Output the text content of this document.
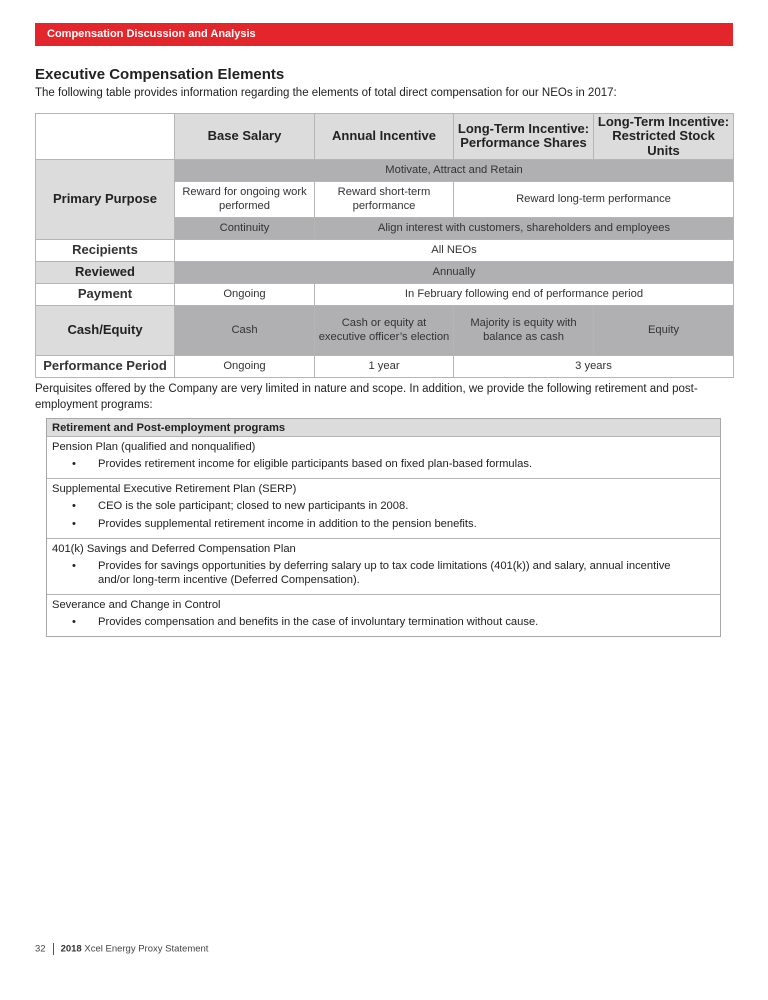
Compensation Discussion and Analysis
Executive Compensation Elements
The following table provides information regarding the elements of total direct compensation for our NEOs in 2017:
	Base Salary	Annual Incentive	Long-Term Incentive: Performance Shares	Long-Term Incentive: Restricted Stock Units
Primary Purpose	Motivate, Attract and Retain			
	Reward for ongoing work performed	Reward short-term performance	Reward long-term performance	
	Continuity	Align interest with customers, shareholders and employees		
Recipients	All NEOs			
Reviewed	Annually			
Payment	Ongoing	In February following end of performance period		
Cash/Equity	Cash	Cash or equity at executive officer’s election	Majority is equity with balance as cash	Equity
Performance Period	Ongoing	1 year	3 years	
Perquisites offered by the Company are very limited in nature and scope. In addition, we provide the following retirement and post-employment programs:
Retirement and Post-employment programs
Pension Plan (qualified and nonqualified)
•	Provides retirement income for eligible participants based on fixed plan-based formulas.
Supplemental Executive Retirement Plan (SERP)
•	CEO is the sole participant; closed to new participants in 2008.
•	Provides supplemental retirement income in addition to the pension benefits.
401(k) Savings and Deferred Compensation Plan
•	Provides for savings opportunities by deferring salary up to tax code limitations (401(k)) and salary, annual incentive and/or long-term incentive (Deferred Compensation).
Severance and Change in Control
•	Provides compensation and benefits in the case of involuntary termination without cause.
32 2018 Xcel Energy Proxy Statement
